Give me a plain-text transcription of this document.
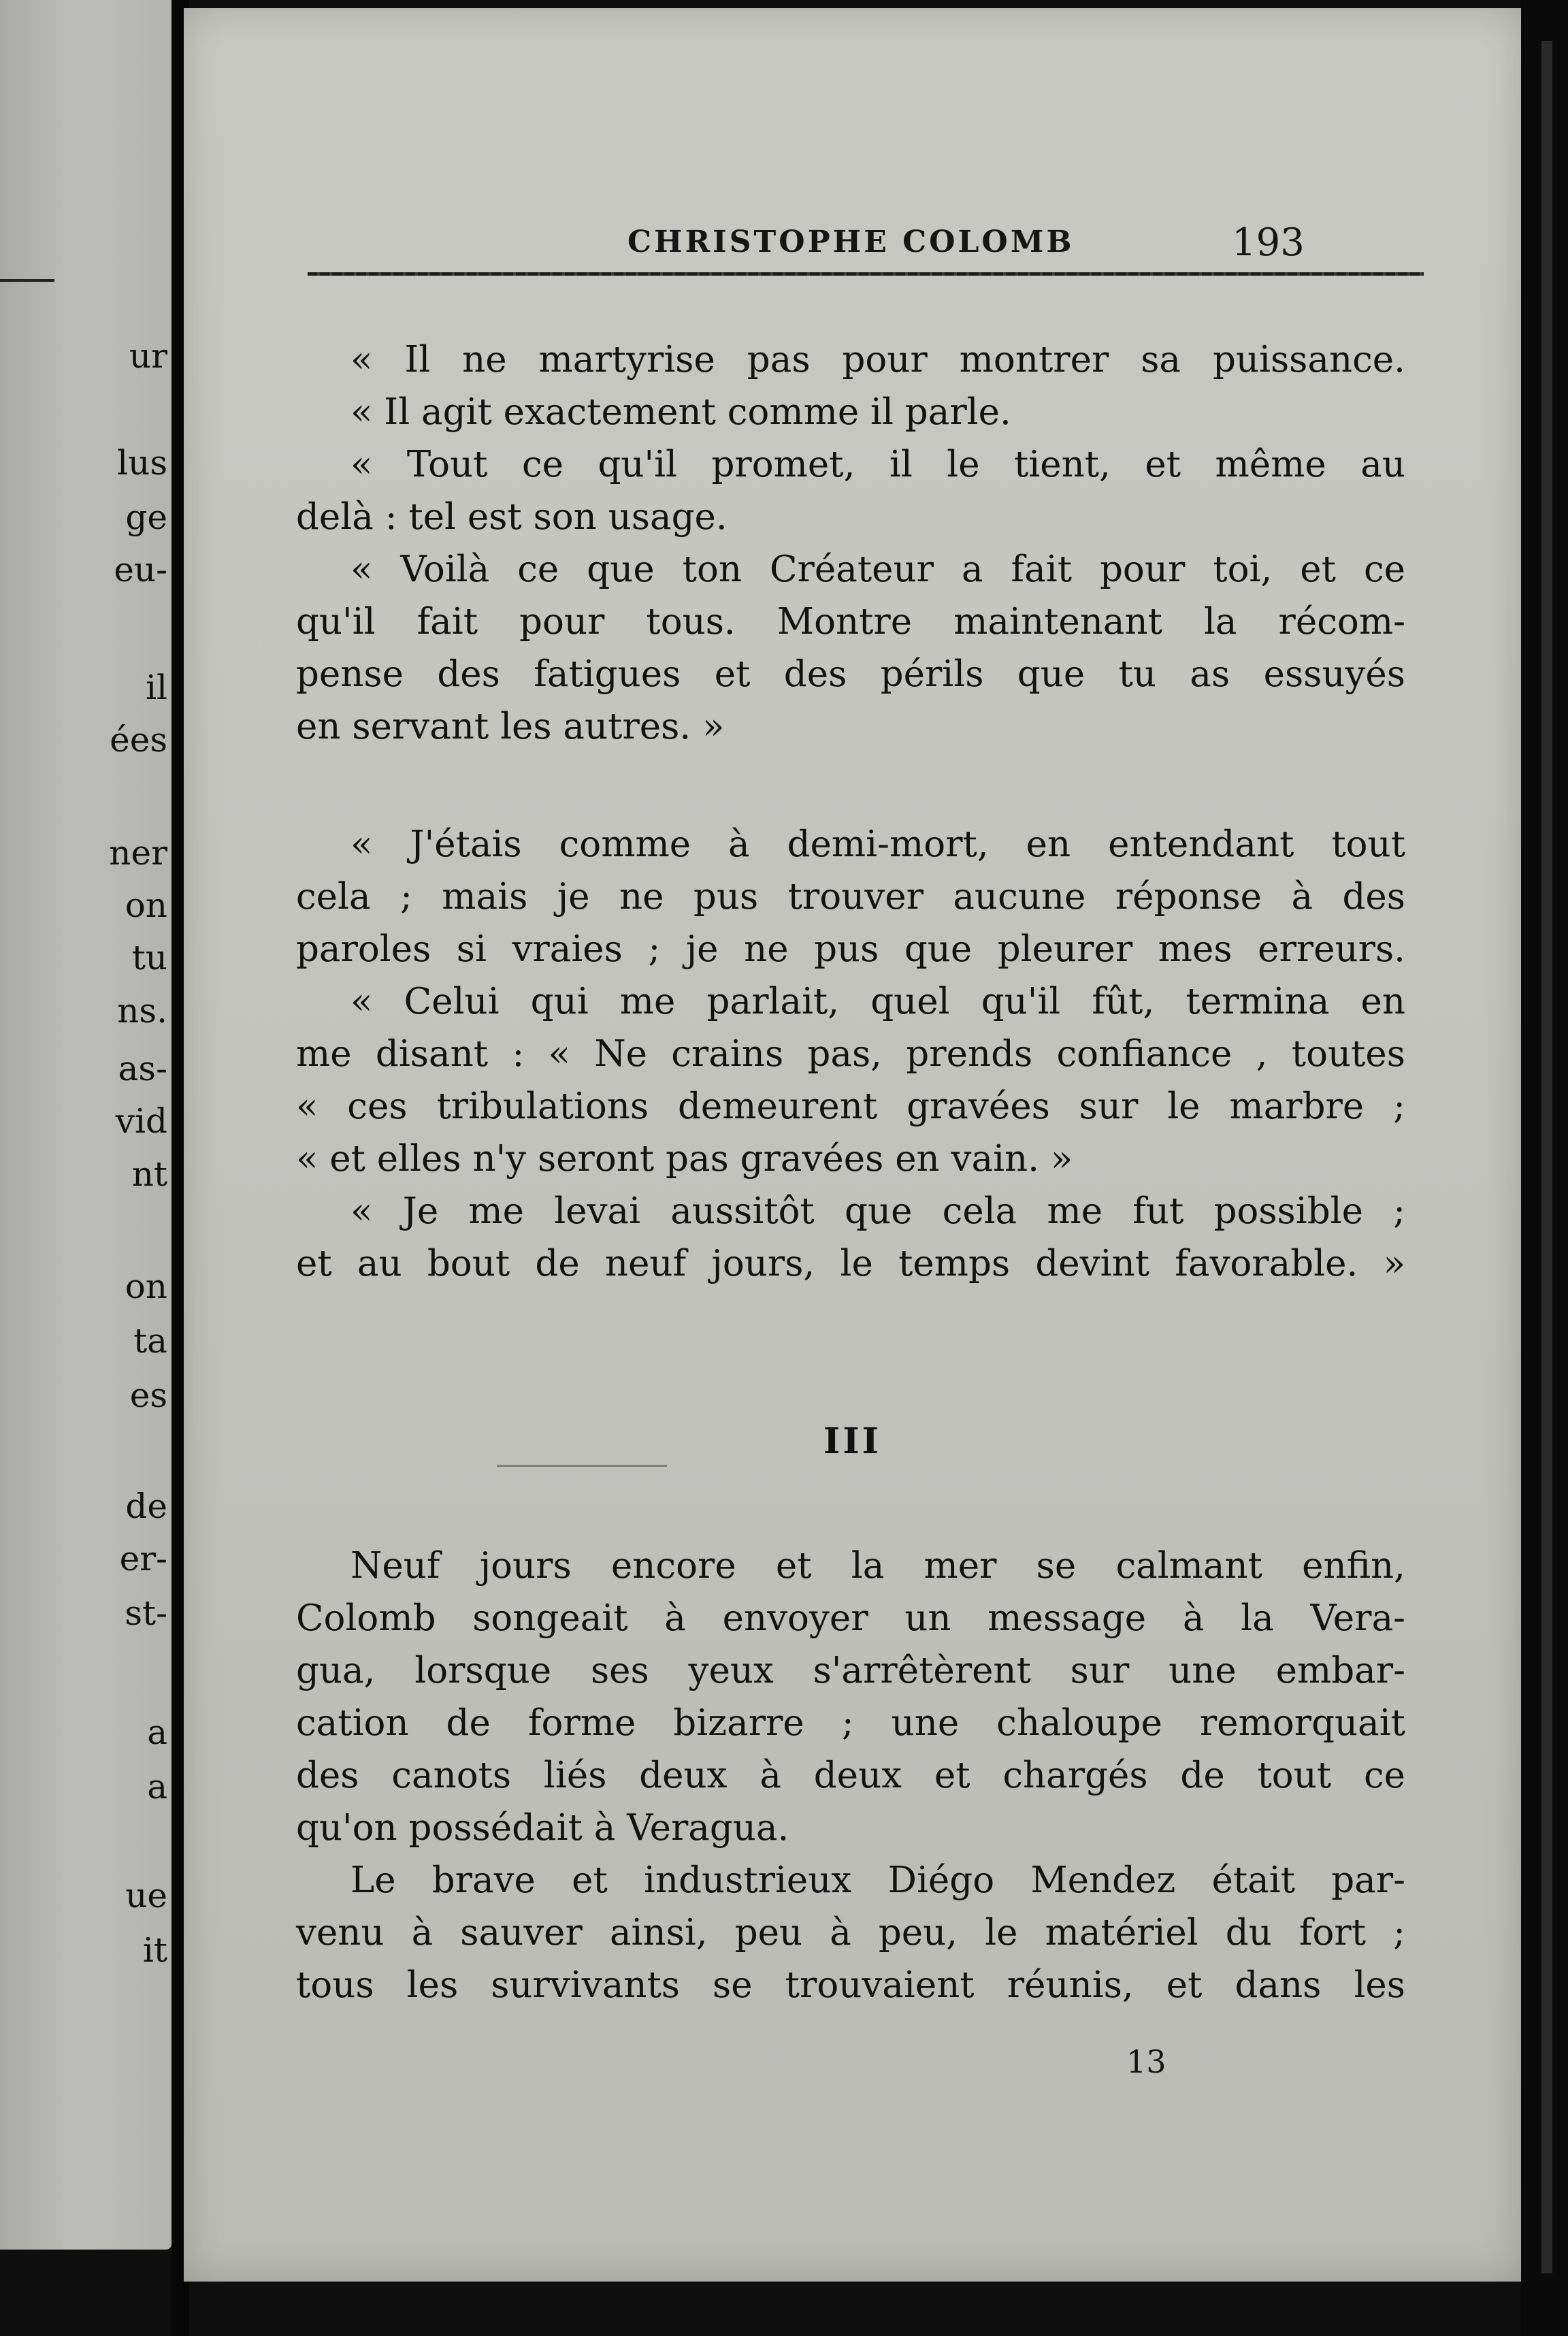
ur
lus
ge
eu-
il
ées
ner
on
tu
ns.
as-
vid
nt
on
ta
es
de
er-
st-
a
a
ue
it
CHRISTOPHE COLOMB	193
« Il ne martyrise pas pour montrer sa puissance.
« Il agit exactement comme il parle.
« Tout ce qu'il promet, il le tient, et même au
delà : tel est son usage.
« Voilà ce que ton Créateur a fait pour toi, et ce
qu'il fait pour tous. Montre maintenant la récom-
pense des fatigues et des périls que tu as essuyés
en servant les autres. »
« J'étais comme à demi-mort, en entendant tout
cela ; mais je ne pus trouver aucune réponse à des
paroles si vraies ; je ne pus que pleurer mes erreurs.
« Celui qui me parlait, quel qu'il fût, termina en
me disant : « Ne crains pas, prends confiance , toutes
« ces tribulations demeurent gravées sur le marbre ;
« et elles n'y seront pas gravées en vain. »
« Je me levai aussitôt que cela me fut possible ;
et au bout de neuf jours, le temps devint favorable. »
III
Neuf jours encore et la mer se calmant enfin,
Colomb songeait à envoyer un message à la Vera-
gua, lorsque ses yeux s'arrêtèrent sur une embar-
cation de forme bizarre ; une chaloupe remorquait
des canots liés deux à deux et chargés de tout ce
qu'on possédait à Veragua.
Le brave et industrieux Diégo Mendez était par-
venu à sauver ainsi, peu à peu, le matériel du fort ;
tous les survivants se trouvaient réunis, et dans les
13
